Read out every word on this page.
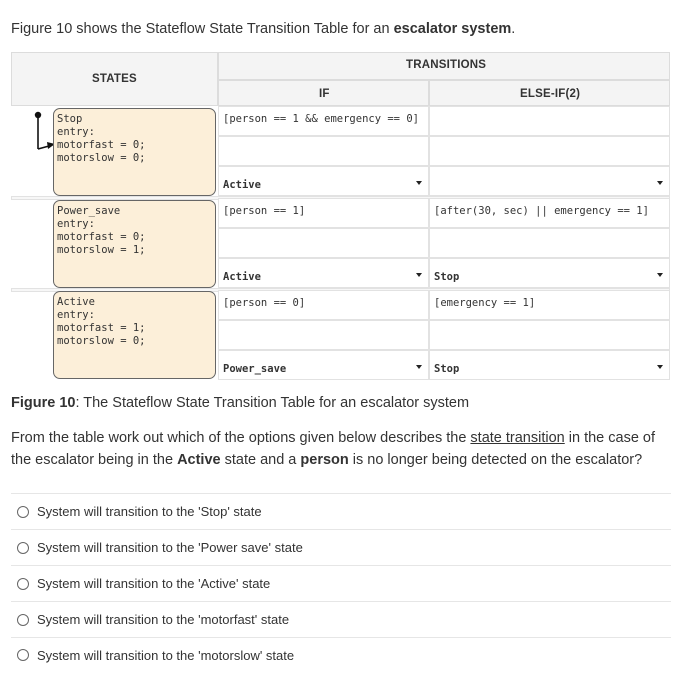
Figure 10 shows the Stateflow State Transition Table for an escalator system.
STATES
TRANSITIONS
IF	ELSE-IF(2)
Stop
entry:
motorfast = 0;
motorslow = 0;
[person == 1 && emergency == 0]
Active
Power_save
entry:
motorfast = 0;
motorslow = 1;
[person == 1]
Active
[after(30, sec) || emergency == 1]
Stop
Active
entry:
motorfast = 1;
motorslow = 0;
[person == 0]
Power_save
[emergency == 1]
Stop
Figure 10: The Stateflow State Transition Table for an escalator system
From the table work out which of the options given below describes the state transition in the case of the escalator being in the Active state and a person is no longer being detected on the escalator?
System will transition to the 'Stop' state
System will transition to the 'Power save' state
System will transition to the 'Active' state
System will transition to the 'motorfast' state
System will transition to the 'motorslow' state
